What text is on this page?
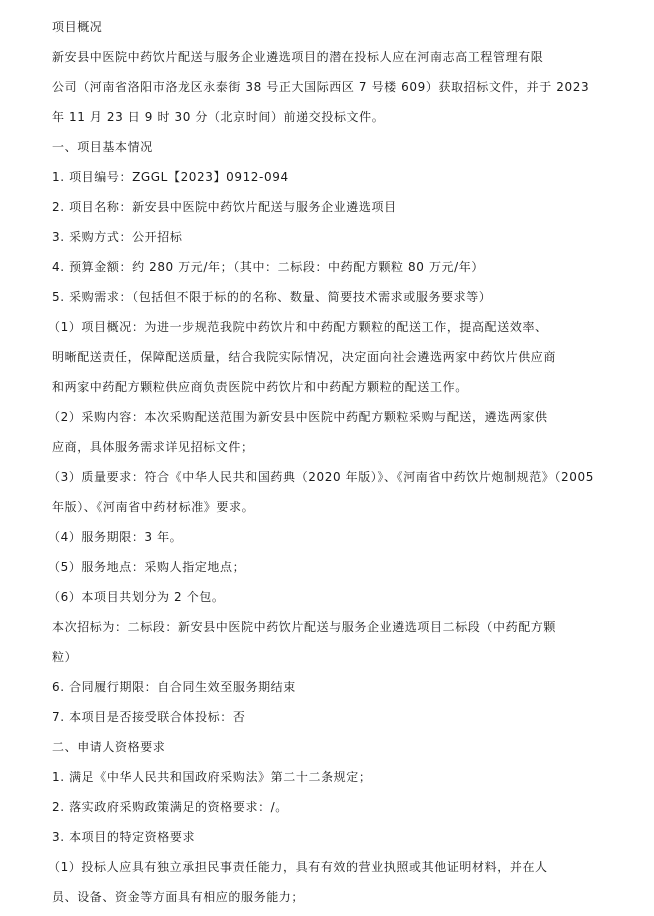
项目概况
新安县中医院中药饮片配送与服务企业遴选项目的潜在投标人应在河南志高工程管理有限
公司（河南省洛阳市洛龙区永泰街 38 号正大国际西区 7 号楼 609）获取招标文件，并于 2023
年 11 月 23 日 9 时 30 分（北京时间）前递交投标文件。
一、项目基本情况
1. 项目编号：ZGGL【2023】0912-094
2. 项目名称：新安县中医院中药饮片配送与服务企业遴选项目
3. 采购方式：公开招标
4. 预算金额：约 280 万元/年；（其中：二标段：中药配方颗粒 80 万元/年）
5. 采购需求：（包括但不限于标的的名称、数量、简要技术需求或服务要求等）
（1）项目概况：为进一步规范我院中药饮片和中药配方颗粒的配送工作，提高配送效率、
明晰配送责任，保障配送质量，结合我院实际情况，决定面向社会遴选两家中药饮片供应商
和两家中药配方颗粒供应商负责医院中药饮片和中药配方颗粒的配送工作。
（2）采购内容：本次采购配送范围为新安县中医院中药配方颗粒采购与配送，遴选两家供
应商，具体服务需求详见招标文件；
（3）质量要求：符合《中华人民共和国药典（2020 年版）》、《河南省中药饮片炮制规范》（2005
年版）、《河南省中药材标准》要求。
（4）服务期限：3 年。
（5）服务地点：采购人指定地点；
（6）本项目共划分为 2 个包。
本次招标为：二标段：新安县中医院中药饮片配送与服务企业遴选项目二标段（中药配方颗
粒）
6. 合同履行期限：自合同生效至服务期结束
7. 本项目是否接受联合体投标：否
二、申请人资格要求
1. 满足《中华人民共和国政府采购法》第二十二条规定；
2. 落实政府采购政策满足的资格要求：/。
3. 本项目的特定资格要求
（1）投标人应具有独立承担民事责任能力，具有有效的营业执照或其他证明材料，并在人
员、设备、资金等方面具有相应的服务能力；
